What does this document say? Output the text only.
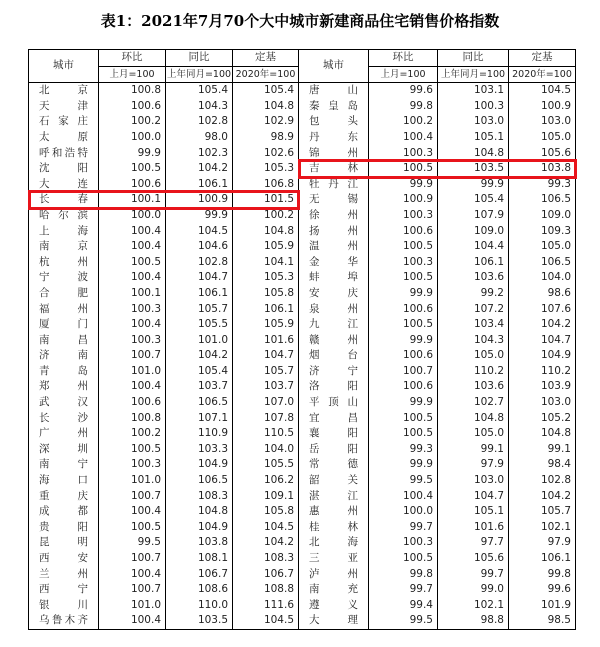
表1：2021年7月70个大中城市新建商品住宅销售价格指数
城市	环比	同比	定基	城市	环比	同比	定基
	上月=100	上年同月=100	2020年=100		上月=100	上年同月=100	2020年=100
北京	100.8	105.4	105.4	唐山	99.6	103.1	104.5
天津	100.6	104.3	104.8	秦皇岛	99.8	100.3	100.9
石家庄	100.2	102.8	102.9	包头	100.2	103.0	103.0
太原	100.0	98.0	98.9	丹东	100.4	105.1	105.0
呼和浩特	99.9	102.3	102.6	锦州	100.3	104.8	105.6
沈阳	100.5	104.2	105.3	吉林	100.5	103.5	103.8
大连	100.6	106.1	106.8	牡丹江	99.9	99.9	99.3
长春	100.1	100.9	101.5	无锡	100.9	105.4	106.5
哈尔滨	100.0	99.9	100.2	徐州	100.3	107.9	109.0
上海	100.4	104.5	104.8	扬州	100.6	109.0	109.3
南京	100.4	104.6	105.9	温州	100.5	104.4	105.0
杭州	100.5	102.8	104.1	金华	100.3	106.1	106.5
宁波	100.4	104.7	105.3	蚌埠	100.5	103.6	104.0
合肥	100.1	106.1	105.8	安庆	99.9	99.2	98.6
福州	100.3	105.7	106.1	泉州	100.6	107.2	107.6
厦门	100.4	105.5	105.9	九江	100.5	103.4	104.2
南昌	100.3	101.0	101.6	赣州	99.9	104.3	104.7
济南	100.7	104.2	104.7	烟台	100.6	105.0	104.9
青岛	101.0	105.4	105.7	济宁	100.7	110.2	110.2
郑州	100.4	103.7	103.7	洛阳	100.6	103.6	103.9
武汉	100.6	106.5	107.0	平顶山	99.9	102.7	103.0
长沙	100.8	107.1	107.8	宜昌	100.5	104.8	105.2
广州	100.2	110.9	110.5	襄阳	100.5	105.0	104.8
深圳	100.5	103.3	104.0	岳阳	99.3	99.1	99.1
南宁	100.3	104.9	105.5	常德	99.9	97.9	98.4
海口	101.0	106.5	106.2	韶关	99.5	103.0	102.8
重庆	100.7	108.3	109.1	湛江	100.4	104.7	104.2
成都	100.4	104.8	105.8	惠州	100.0	105.1	105.7
贵阳	100.5	104.9	104.5	桂林	99.7	101.6	102.1
昆明	99.5	103.8	104.2	北海	100.3	97.7	97.9
西安	100.7	108.1	108.3	三亚	100.5	105.6	106.1
兰州	100.4	106.7	106.7	泸州	99.8	99.7	99.8
西宁	100.7	108.6	108.8	南充	99.7	99.0	99.6
银川	101.0	110.0	111.6	遵义	99.4	102.1	101.9
乌鲁木齐	100.4	103.5	104.5	大理	99.5	98.8	98.5
